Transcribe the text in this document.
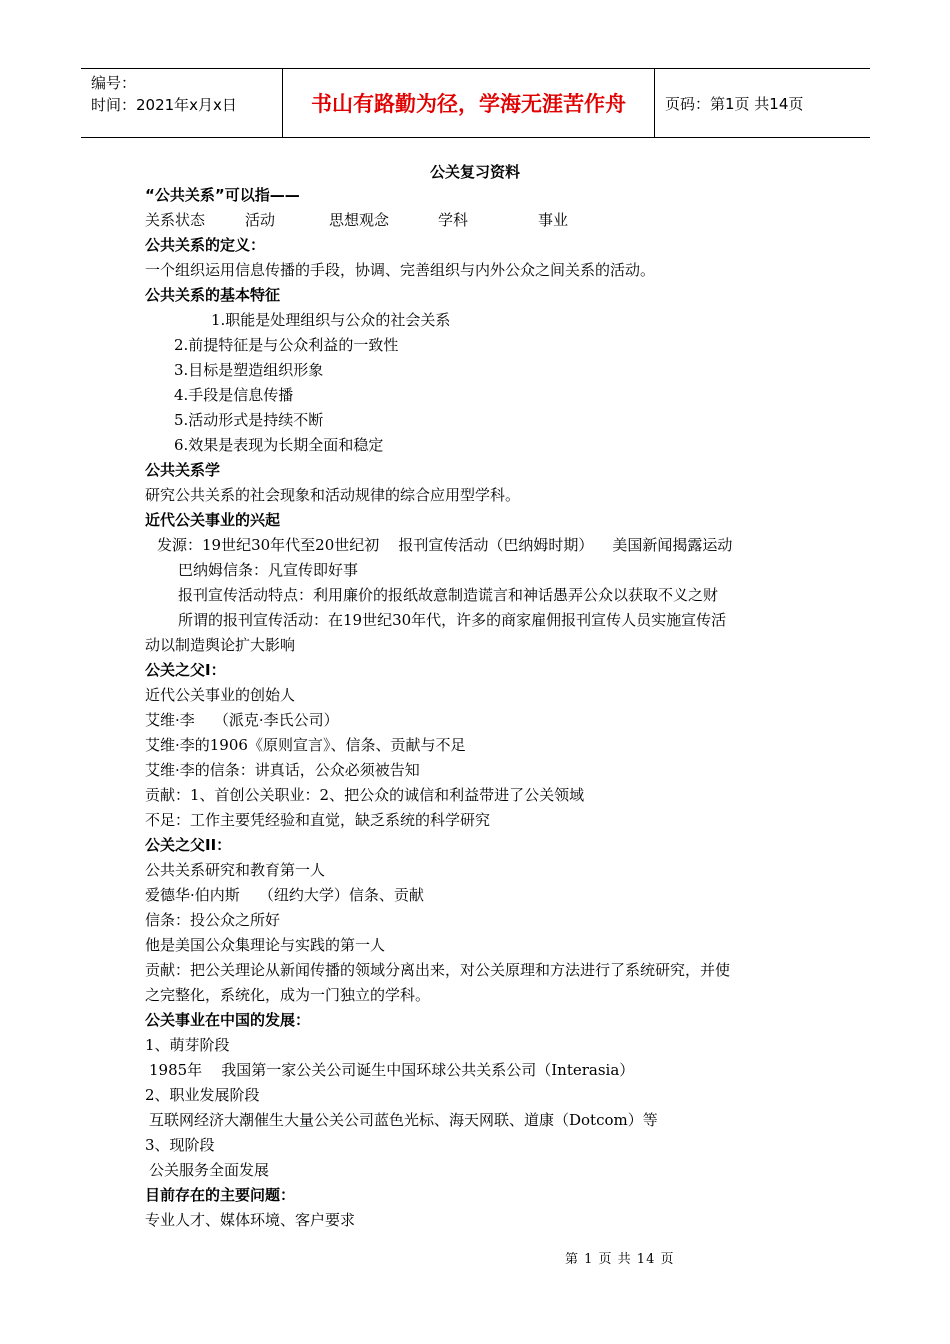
编号：
时间：2021年x月x日	书山有路勤为径，学海无涯苦作舟	页码：第1页 共14页
公关复习资料
“公共关系”可以指——
关系状态	活动	思想观念	学科	事业
公共关系的定义：
一个组织运用信息传播的手段，协调、完善组织与内外公众之间关系的活动。
公共关系的基本特征
1.职能是处理组织与公众的社会关系
2.前提特征是与公众利益的一致性
3.目标是塑造组织形象
4.手段是信息传播
5.活动形式是持续不断
6.效果是表现为长期全面和稳定
公共关系学
研究公共关系的社会现象和活动规律的综合应用型学科。
近代公关事业的兴起
发源：19世纪30年代至20世纪初    报刊宣传活动（巴纳姆时期）    美国新闻揭露运动
巴纳姆信条：凡宣传即好事
报刊宣传活动特点：利用廉价的报纸故意制造谎言和神话愚弄公众以获取不义之财
所谓的报刊宣传活动：在19世纪30年代，许多的商家雇佣报刊宣传人员实施宣传活
动以制造舆论扩大影响
公关之父I：
近代公关事业的创始人
艾维·李    （派克·李氏公司）
艾维·李的1906《原则宣言》、信条、贡献与不足
艾维·李的信条：讲真话，公众必须被告知
贡献：1、首创公关职业：2、把公众的诚信和利益带进了公关领域
不足：工作主要凭经验和直觉，缺乏系统的科学研究
公关之父II：
公共关系研究和教育第一人
爱德华·伯内斯    （纽约大学）信条、贡献
信条：投公众之所好
他是美国公众集理论与实践的第一人
贡献：把公关理论从新闻传播的领域分离出来，对公关原理和方法进行了系统研究，并使
之完整化，系统化，成为一门独立的学科。
公关事业在中国的发展：
1、萌芽阶段
1985年    我国第一家公关公司诞生中国环球公共关系公司（Interasia）
2、职业发展阶段
互联网经济大潮催生大量公关公司蓝色光标、海天网联、道康（Dotcom）等
3、现阶段
公关服务全面发展
目前存在的主要问题：
专业人才、媒体环境、客户要求
第 1 页 共 14 页
